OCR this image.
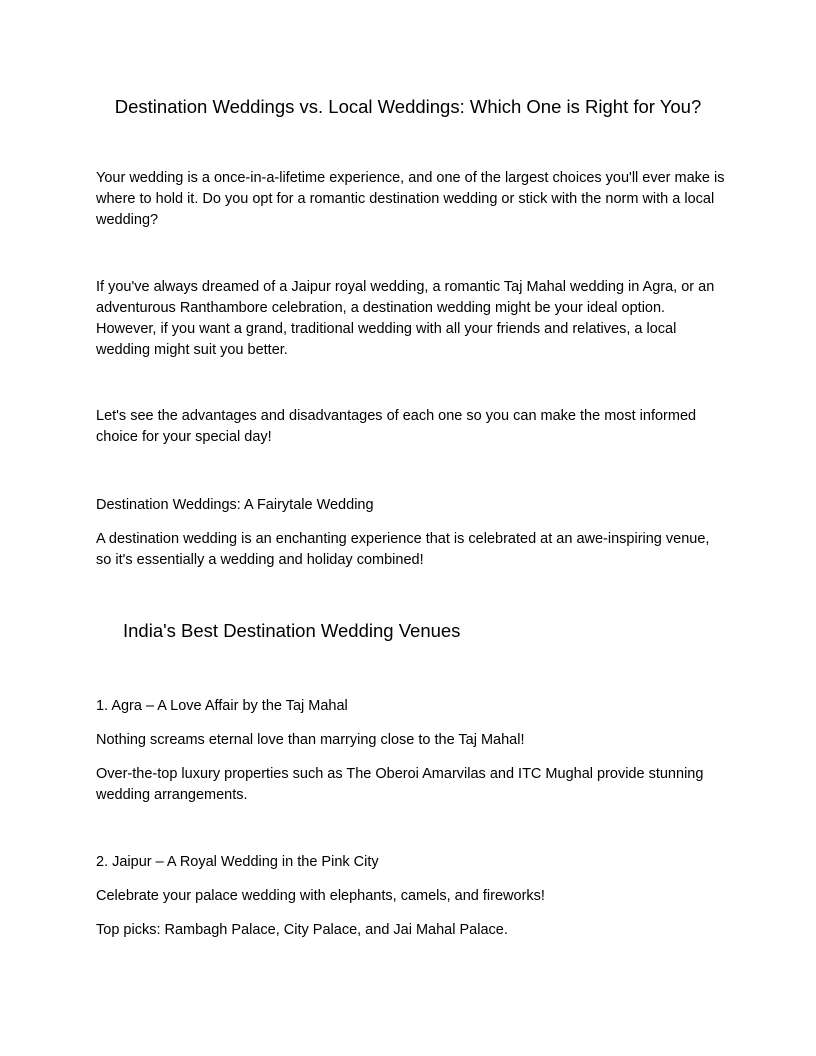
Destination Weddings vs. Local Weddings: Which One is Right for You?

Your wedding is a once-in-a-lifetime experience, and one of the largest choices you'll ever make is where to hold it. Do you opt for a romantic destination wedding or stick with the norm with a local wedding?

If you've always dreamed of a Jaipur royal wedding, a romantic Taj Mahal wedding in Agra, or an adventurous Ranthambore celebration, a destination wedding might be your ideal option. However, if you want a grand, traditional wedding with all your friends and relatives, a local wedding might suit you better.

Let's see the advantages and disadvantages of each one so you can make the most informed choice for your special day!

Destination Weddings: A Fairytale Wedding

A destination wedding is an enchanting experience that is celebrated at an awe-inspiring venue, so it's essentially a wedding and holiday combined!

India's Best Destination Wedding Venues

1. Agra – A Love Affair by the Taj Mahal

Nothing screams eternal love than marrying close to the Taj Mahal!

Over-the-top luxury properties such as The Oberoi Amarvilas and ITC Mughal provide stunning wedding arrangements.

2. Jaipur – A Royal Wedding in the Pink City

Celebrate your palace wedding with elephants, camels, and fireworks!

Top picks: Rambagh Palace, City Palace, and Jai Mahal Palace.
